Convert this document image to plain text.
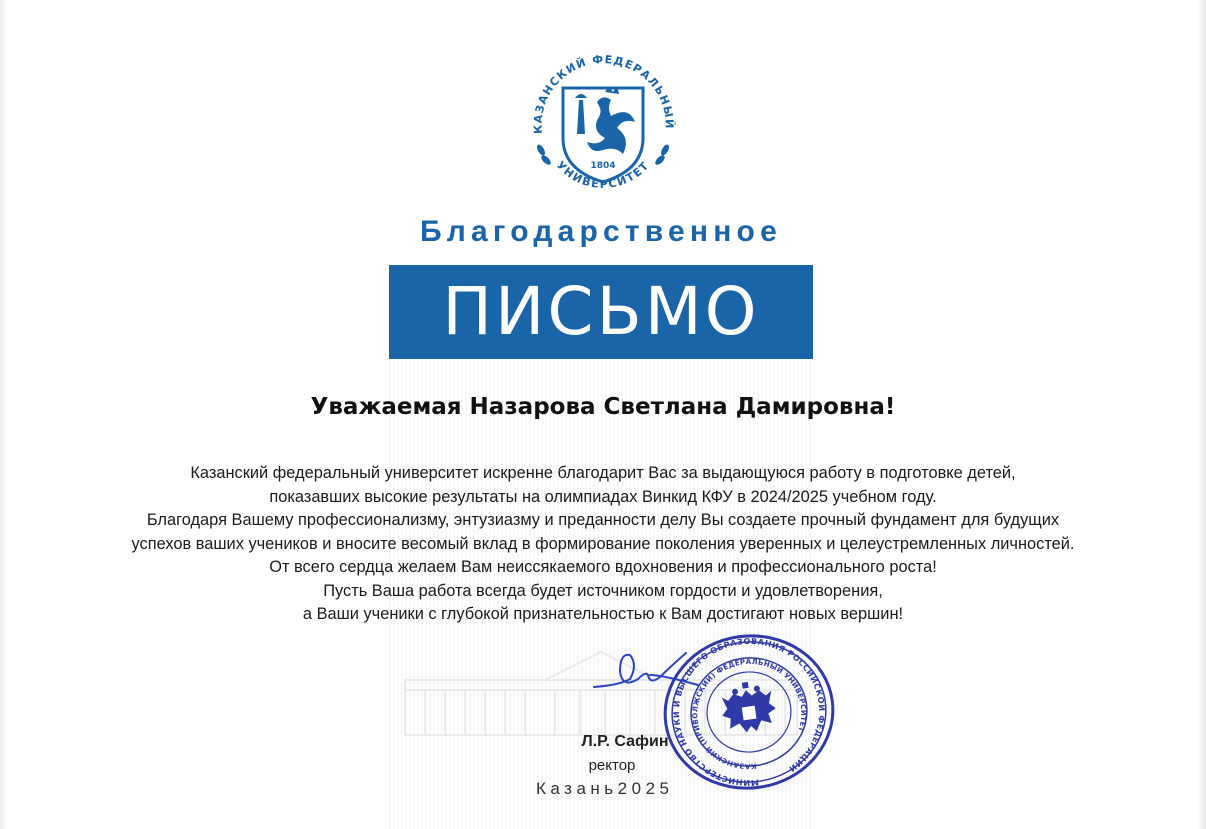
КАЗАНСКИЙ ФЕДЕРАЛЬНЫЙ
УНИВЕРСИТЕТ
1804
Благодарственное
ПИСЬМО
Уважаемая Назарова Светлана Дамировна!

Казанский федеральный университет искренне благодарит Вас за выдающуюся работу в подготовке детей,

показавших высокие результаты на олимпиадах Винкид КФУ в 2024/2025 учебном году.

Благодаря Вашему профессионализму, энтузиазму и преданности делу Вы создаете прочный фундамент для будущих

успехов ваших учеников и вносите весомый вклад в формирование поколения уверенных и целеустремленных личностей.

От всего сердца желаем Вам неиссякаемого вдохновения и профессионального роста!

Пусть Ваша работа всегда будет источником гордости и удовлетворения,

а Ваши ученики с глубокой признательностью к Вам достигают новых вершин!

МИНИСТЕРСТВО НАУКИ И ВЫСШЕГО ОБРАЗОВАНИЯ РОССИЙСКОЙ ФЕДЕРАЦИИ
КАЗАНСКИЙ (ПРИВОЛЖСКИЙ) ФЕДЕРАЛЬНЫЙ УНИВЕРСИТЕТ
Л.Р. Сафин
ректор
Казань2025
